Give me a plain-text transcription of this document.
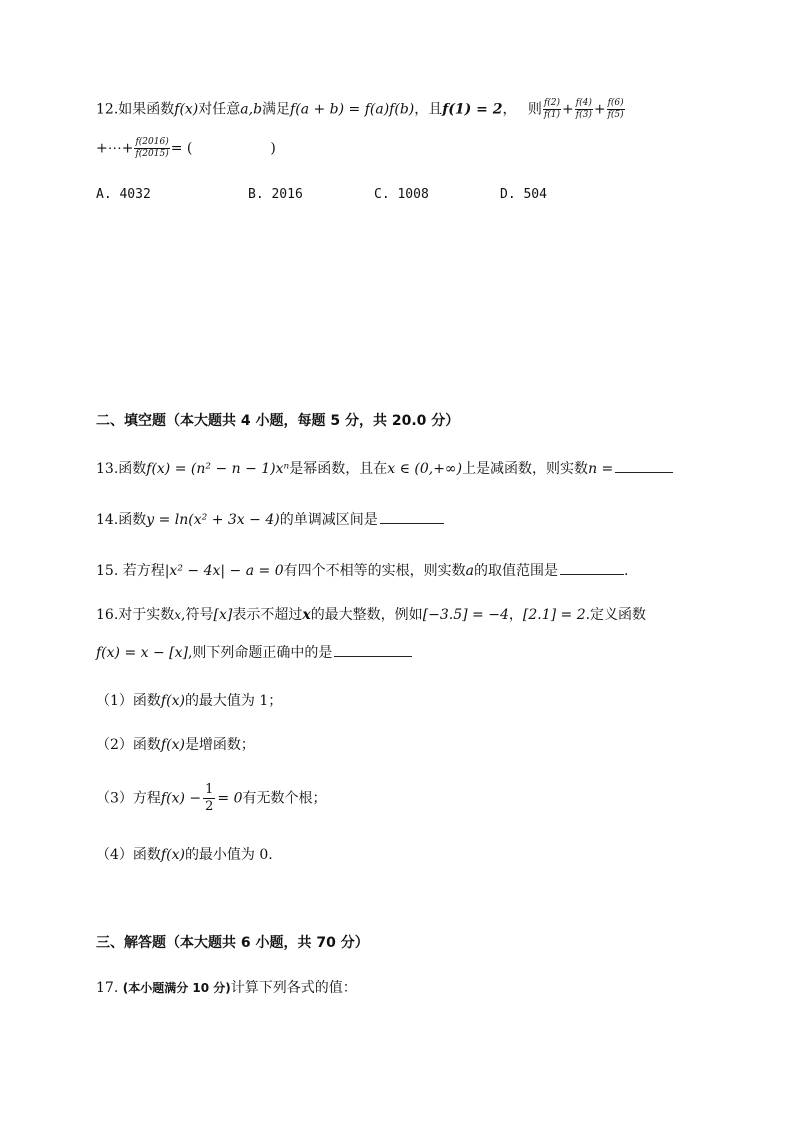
12.如果函数f(x)对任意a,b满足f(a + b) = f(a)f(b)，且f(1) = 2，　 则 $\frac{f(2)}{f(1)} + \frac{f(4)}{f(3)} + \frac{f(6)}{f(5)}$
+⋯+ $\frac{f(2016)}{f(2015)}$ = (	)
A. 4032	B. 2016	C. 1008	D. 504
二、填空题（本大题共 4 小题，每题 5 分，共 20.0 分）
13.函数f(x) = (n² − n − 1)xⁿ是幂函数，且在x ∈ (0,+∞)上是减函数，则实数n =
14.函数y = ln(x² + 3x − 4)的单调减区间是
15. 若方程|x² − 4x| − a = 0有四个不相等的实根，则实数a的取值范围是	.
16.对于实数x,符号[x]表示不超过x的最大整数，例如[−3.5] = −4，[2.1] = 2.定义函数
f(x) = x − [x],则下列命题正确中的是
（1）函数f(x)的最大值为 1；
（2）函数f(x)是增函数；
（3）方程$f(x) - \frac{1}{2} = 0$有无数个根；
（4）函数f(x)的最小值为 0.
三、解答题（本大题共 6 小题，共 70 分）
17. (本小题满分 10 分)计算下列各式的值：
